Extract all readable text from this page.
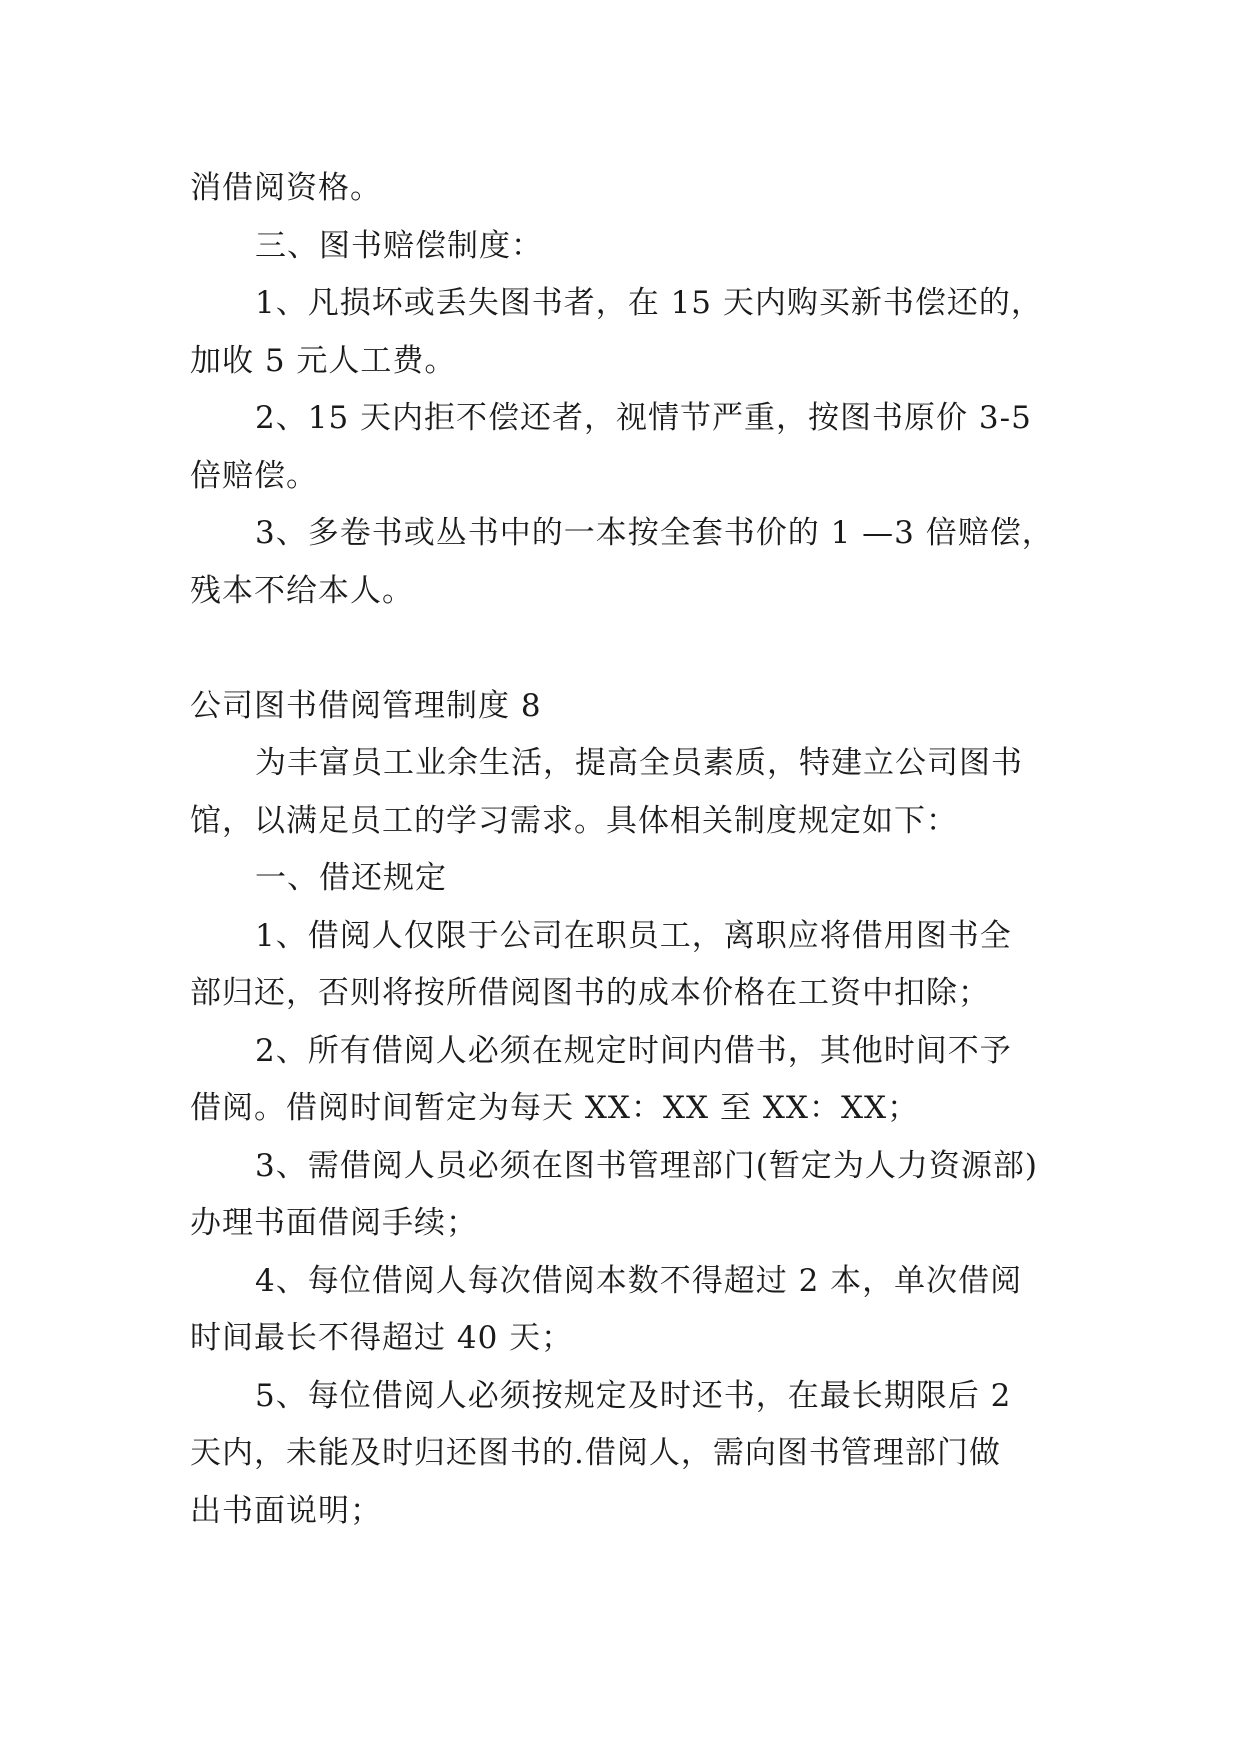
消借阅资格。
三、图书赔偿制度：
1、凡损坏或丢失图书者，在 15 天内购买新书偿还的，
加收 5 元人工费。
2、15 天内拒不偿还者，视情节严重，按图书原价 3-5
倍赔偿。
3、多卷书或丛书中的一本按全套书价的 1 —3 倍赔偿，
残本不给本人。
公司图书借阅管理制度 8
为丰富员工业余生活，提高全员素质，特建立公司图书
馆，以满足员工的学习需求。具体相关制度规定如下：
一、借还规定
1、借阅人仅限于公司在职员工，离职应将借用图书全
部归还，否则将按所借阅图书的成本价格在工资中扣除；
2、所有借阅人必须在规定时间内借书，其他时间不予
借阅。借阅时间暂定为每天 XX：XX 至 XX：XX；
3、需借阅人员必须在图书管理部门(暂定为人力资源部)
办理书面借阅手续；
4、每位借阅人每次借阅本数不得超过 2 本，单次借阅
时间最长不得超过 40 天；
5、每位借阅人必须按规定及时还书，在最长期限后 2
天内，未能及时归还图书的.借阅人，需向图书管理部门做
出书面说明；
